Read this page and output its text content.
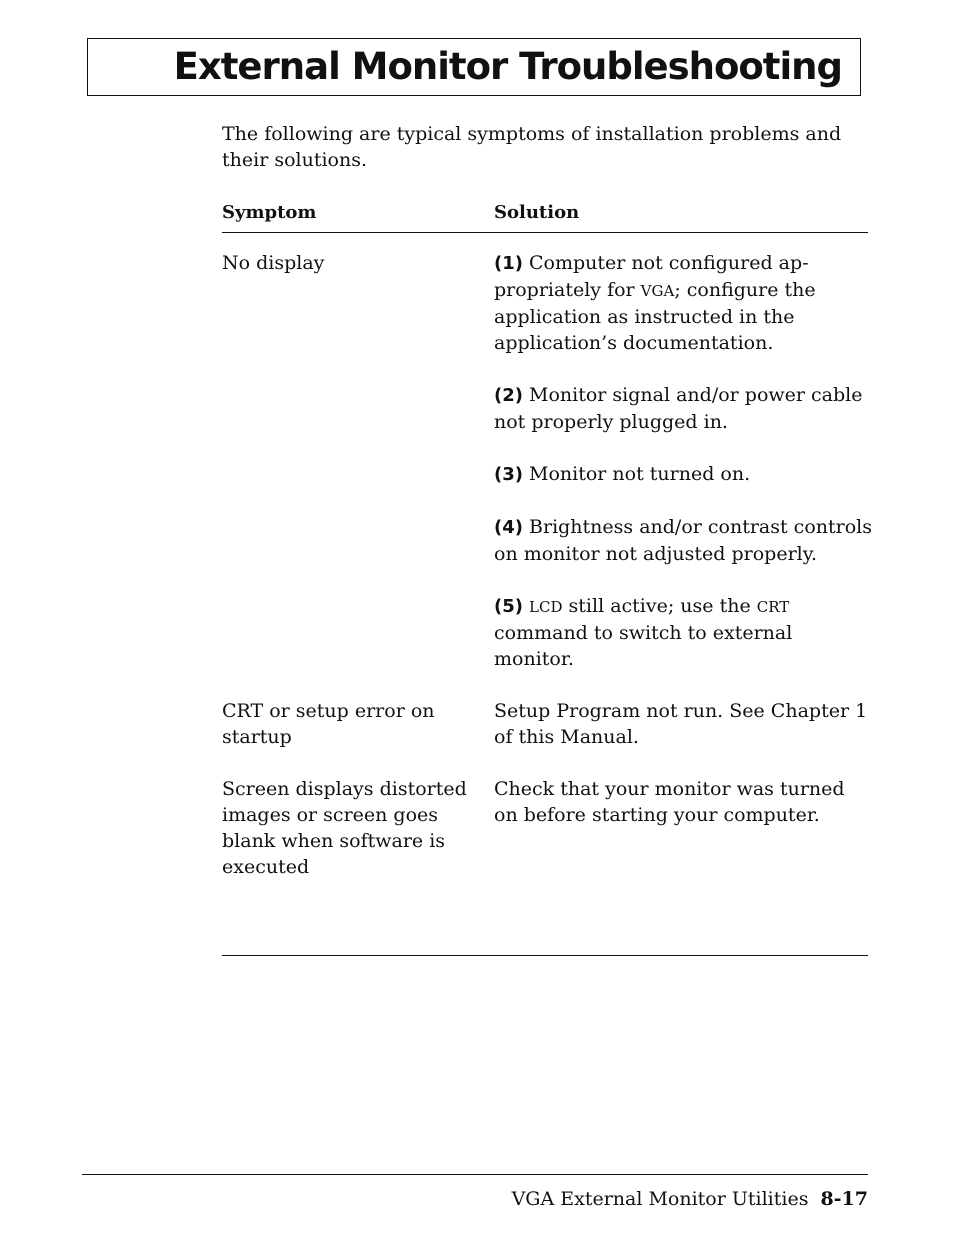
External Monitor Troubleshooting

The following are typical symptoms of installation problems and their solutions.

Symptom	Solution
No display	(1) Computer not configured appropriately for VGA; configure the application as instructed in the application’s documentation.

(2) Monitor signal and/or power cable not properly plugged in.

(3) Monitor not turned on.

(4) Brightness and/or contrast controls on monitor not adjusted properly.

(5) LCD still active; use the CRT command to switch to external monitor.

CRT or setup error on startup

Setup Program not run. See Chapter 1 of this Manual.

Screen displays distorted images or screen goes blank when software is executed

Check that your monitor was turned on before starting your computer.

VGA External Monitor Utilities 8-17
